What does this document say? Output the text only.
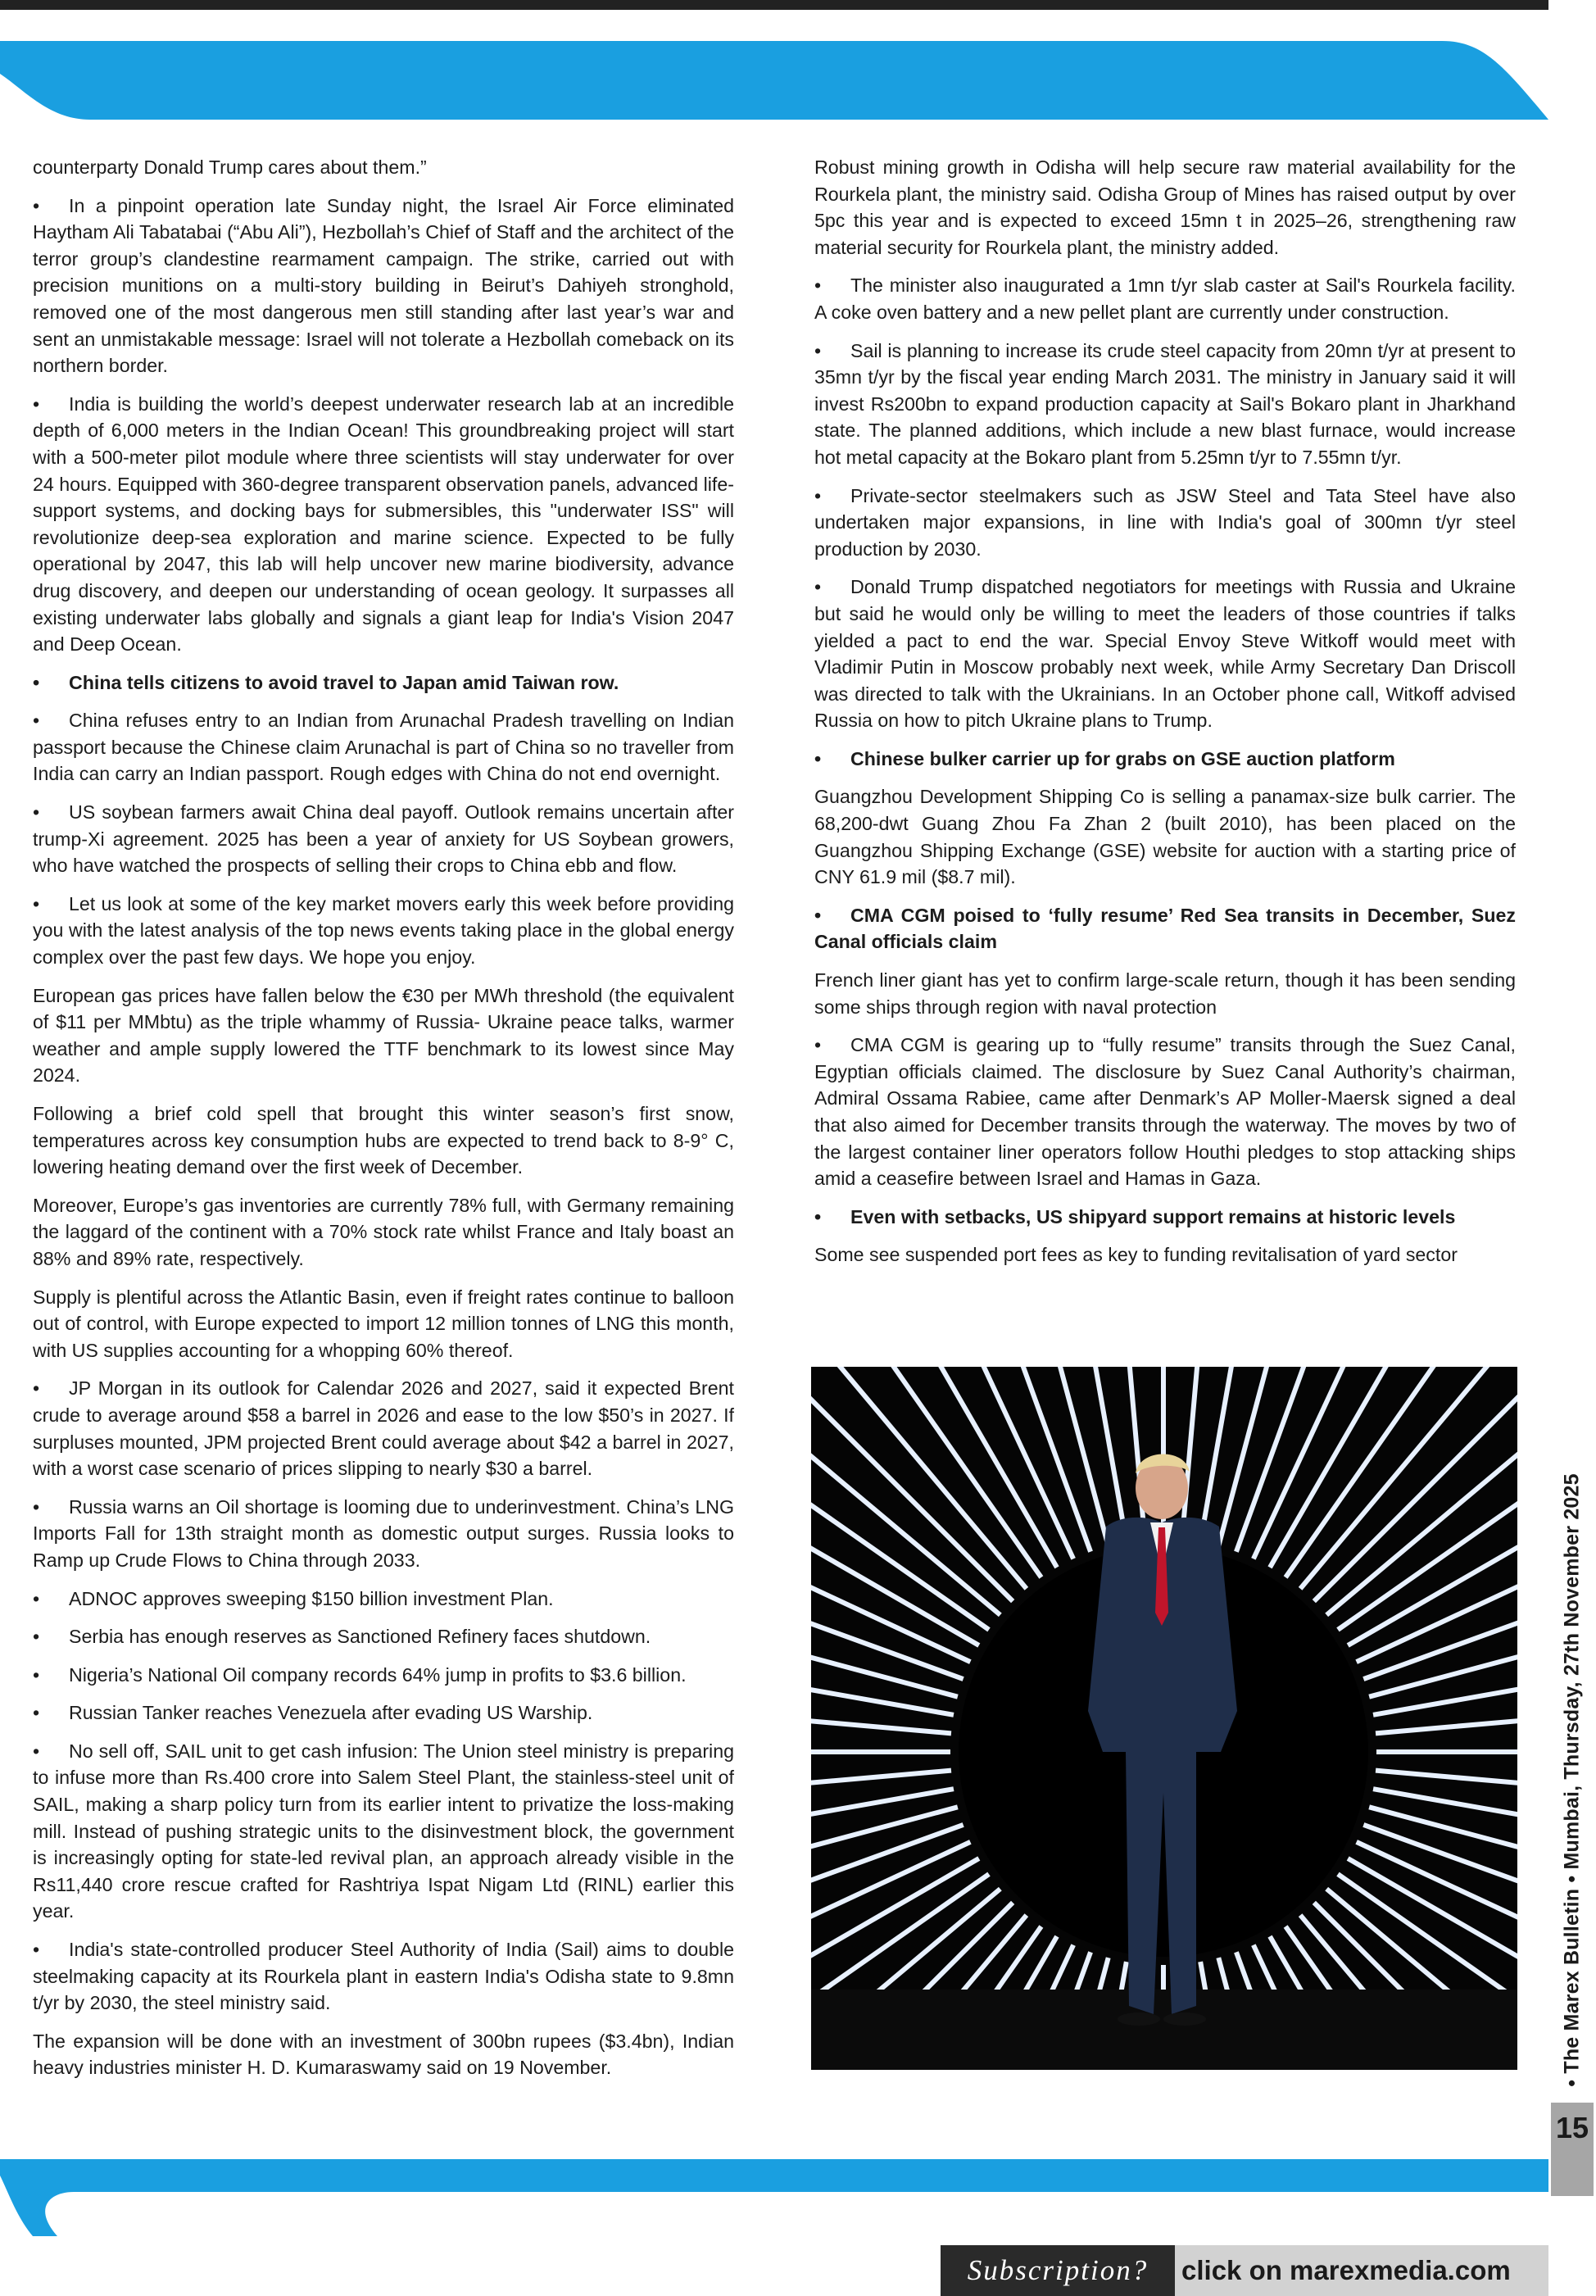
counterparty Donald Trump cares about them.”

• In a pinpoint operation late Sunday night, the Israel Air Force eliminated Haytham Ali Tabatabai (“Abu Ali”), Hezbollah’s Chief of Staff and the architect of the terror group’s clandestine rearmament campaign. The strike, carried out with precision munitions on a multi-story building in Beirut’s Dahiyeh stronghold, removed one of the most dangerous men still standing after last year’s war and sent an unmistakable message: Israel will not tolerate a Hezbollah comeback on its northern border.

• India is building the world’s deepest underwater research lab at an incredible depth of 6,000 meters in the Indian Ocean! This groundbreaking project will start with a 500-meter pilot module where three scientists will stay underwater for over 24 hours. Equipped with 360-degree transparent observation panels, advanced life-support systems, and docking bays for submersibles, this "underwater ISS" will revolutionize deep-sea exploration and marine science. Expected to be fully operational by 2047, this lab will help uncover new marine biodiversity, advance drug discovery, and deepen our understanding of ocean geology. It surpasses all existing underwater labs globally and signals a giant leap for India's Vision 2047 and Deep Ocean.

• China tells citizens to avoid travel to Japan amid Taiwan row.

• China refuses entry to an Indian from Arunachal Pradesh travelling on Indian passport because the Chinese claim Arunachal is part of China so no traveller from India can carry an Indian passport. Rough edges with China do not end overnight.

• US soybean farmers await China deal payoff. Outlook remains uncertain after trump-Xi agreement. 2025 has been a year of anxiety for US Soybean growers, who have watched the prospects of selling their crops to China ebb and flow.

• Let us look at some of the key market movers early this week before providing you with the latest analysis of the top news events taking place in the global energy complex over the past few days. We hope you enjoy.

European gas prices have fallen below the €30 per MWh threshold (the equivalent of $11 per MMbtu) as the triple whammy of Russia- Ukraine peace talks, warmer weather and ample supply lowered the TTF benchmark to its lowest since May 2024.

Following a brief cold spell that brought this winter season’s first snow, temperatures across key consumption hubs are expected to trend back to 8-9° C, lowering heating demand over the first week of December.

Moreover, Europe’s gas inventories are currently 78% full, with Germany remaining the laggard of the continent with a 70% stock rate whilst France and Italy boast an 88% and 89% rate, respectively.

Supply is plentiful across the Atlantic Basin, even if freight rates continue to balloon out of control, with Europe expected to import 12 million tonnes of LNG this month, with US supplies accounting for a whopping 60% thereof.

• JP Morgan in its outlook for Calendar 2026 and 2027, said it expected Brent crude to average around $58 a barrel in 2026 and ease to the low $50’s in 2027. If surpluses mounted, JPM projected Brent could average about $42 a barrel in 2027, with a worst case scenario of prices slipping to nearly $30 a barrel.

• Russia warns an Oil shortage is looming due to underinvestment. China’s LNG Imports Fall for 13th straight month as domestic output surges. Russia looks to Ramp up Crude Flows to China through 2033.

• ADNOC approves sweeping $150 billion investment Plan.

• Serbia has enough reserves as Sanctioned Refinery faces shutdown.

• Nigeria’s National Oil company records 64% jump in profits to $3.6 billion.

• Russian Tanker reaches Venezuela after evading US Warship.

• No sell off, SAIL unit to get cash infusion: The Union steel ministry is preparing to infuse more than Rs.400 crore into Salem Steel Plant, the stainless-steel unit of SAIL, making a sharp policy turn from its earlier intent to privatize the loss-making mill. Instead of pushing strategic units to the disinvestment block, the government is increasingly opting for state-led revival plan, an approach already visible in the Rs11,440 crore rescue crafted for Rashtriya Ispat Nigam Ltd (RINL) earlier this year.

• India's state-controlled producer Steel Authority of India (Sail) aims to double steelmaking capacity at its Rourkela plant in eastern India's Odisha state to 9.8mn t/yr by 2030, the steel ministry said.

The expansion will be done with an investment of 300bn rupees ($3.4bn), Indian heavy industries minister H. D. Kumaraswamy said on 19 November.

Robust mining growth in Odisha will help secure raw material availability for the Rourkela plant, the ministry said. Odisha Group of Mines has raised output by over 5pc this year and is expected to exceed 15mn t in 2025–26, strengthening raw material security for Rourkela plant, the ministry added.

• The minister also inaugurated a 1mn t/yr slab caster at Sail's Rourkela facility. A coke oven battery and a new pellet plant are currently under construction.

• Sail is planning to increase its crude steel capacity from 20mn t/yr at present to 35mn t/yr by the fiscal year ending March 2031. The ministry in January said it will invest Rs200bn to expand production capacity at Sail's Bokaro plant in Jharkhand state. The planned additions, which include a new blast furnace, would increase hot metal capacity at the Bokaro plant from 5.25mn t/yr to 7.55mn t/yr.

• Private-sector steelmakers such as JSW Steel and Tata Steel have also undertaken major expansions, in line with India's goal of 300mn t/yr steel production by 2030.

• Donald Trump dispatched negotiators for meetings with Russia and Ukraine but said he would only be willing to meet the leaders of those countries if talks yielded a pact to end the war. Special Envoy Steve Witkoff would meet with Vladimir Putin in Moscow probably next week, while Army Secretary Dan Driscoll was directed to talk with the Ukrainians. In an October phone call, Witkoff advised Russia on how to pitch Ukraine plans to Trump.

• Chinese bulker carrier up for grabs on GSE auction platform

Guangzhou Development Shipping Co is selling a panamax-size bulk carrier. The 68,200-dwt Guang Zhou Fa Zhan 2 (built 2010), has been placed on the Guangzhou Shipping Exchange (GSE) website for auction with a starting price of CNY 61.9 mil ($8.7 mil).

• CMA CGM poised to ‘fully resume’ Red Sea transits in December, Suez Canal officials claim

French liner giant has yet to confirm large-scale return, though it has been sending some ships through region with naval protection

• CMA CGM is gearing up to “fully resume” transits through the Suez Canal, Egyptian officials claimed. The disclosure by Suez Canal Authority’s chairman, Admiral Ossama Rabiee, came after Denmark’s AP Moller-Maersk signed a deal that also aimed for December transits through the waterway. The moves by two of the largest container liner operators follow Houthi pledges to stop attacking ships amid a ceasefire between Israel and Hamas in Gaza.

• Even with setbacks, US shipyard support remains at historic levels

Some see suspended port fees as key to funding revitalisation of yard sector

• The Marex Bulletin • Mumbai, Thursday, 27th November 2025
15
Subscription?	click on marexmedia.com
